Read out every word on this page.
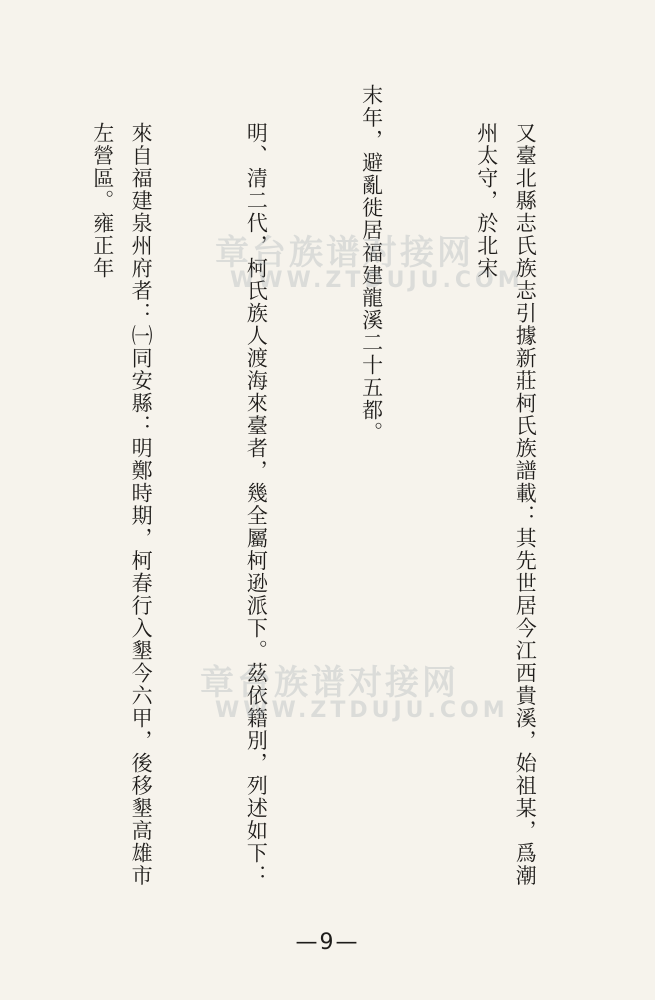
又臺北縣志氏族志引據新莊柯氏族譜載：其先世居今江西貴溪，始祖某，爲潮州太守，於北宋

末年，避亂徙居福建龍溪二十五都。

明、清二代，柯氏族人渡海來臺者，幾全屬柯逊派下。茲依籍別，列述如下：

來自福建泉州府者：㈠同安縣：明鄭時期，柯春行入墾今六甲，後移墾高雄市左營區。雍正年

	章台族谱对接网
WWW.ZTDUJU.COM
章台族谱对接网
WWW.ZTDUJU.COM
—9—
